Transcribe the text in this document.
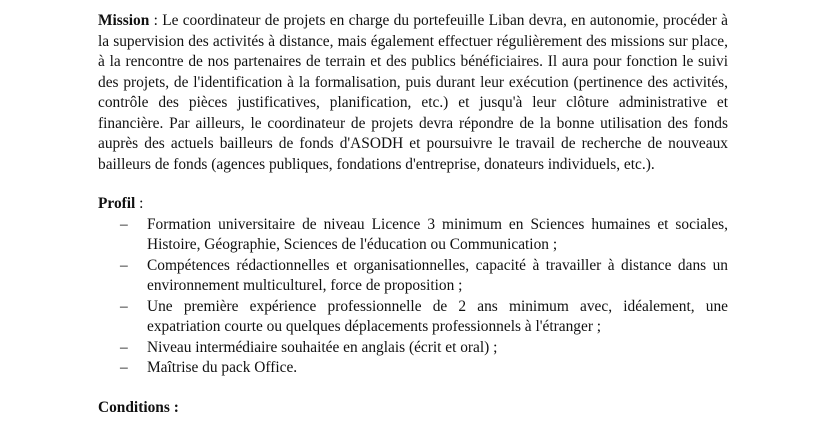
Mission : Le coordinateur de projets en charge du portefeuille Liban devra, en autonomie, procéder à la supervision des activités à distance, mais également effectuer régulièrement des missions sur place, à la rencontre de nos partenaires de terrain et des publics bénéficiaires. Il aura pour fonction le suivi des projets, de l'identification à la formalisation, puis durant leur exécution (pertinence des activités, contrôle des pièces justificatives, planification, etc.) et jusqu'à leur clôture administrative et financière. Par ailleurs, le coordinateur de projets devra répondre de la bonne utilisation des fonds auprès des actuels bailleurs de fonds d'ASODH et poursuivre le travail de recherche de nouveaux bailleurs de fonds (agences publiques, fondations d'entreprise, donateurs individuels, etc.).

Profil :

– Formation universitaire de niveau Licence 3 minimum en Sciences humaines et sociales, Histoire, Géographie, Sciences de l'éducation ou Communication ;
– Compétences rédactionnelles et organisationnelles, capacité à travailler à distance dans un environnement multiculturel, force de proposition ;
– Une première expérience professionnelle de 2 ans minimum avec, idéalement, une expatriation courte ou quelques déplacements professionnels à l'étranger ;
– Niveau intermédiaire souhaitée en anglais (écrit et oral) ;
– Maîtrise du pack Office.

Conditions :
